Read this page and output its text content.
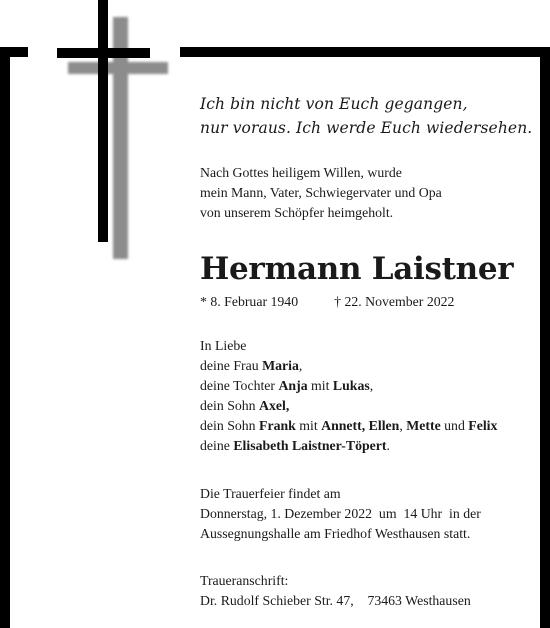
Ich bin nicht von Euch gegangen,
nur voraus. Ich werde Euch wiedersehen.

Nach Gottes heiligem Willen, wurde
mein Mann, Vater, Schwiegervater und Opa
von unserem Schöpfer heimgeholt.

Hermann Laistner

* 8. Februar 1940	† 22. November 2022

In Liebe
deine Frau Maria,
deine Tochter Anja mit Lukas,
dein Sohn Axel,
dein Sohn Frank mit Annett, Ellen, Mette und Felix
deine Elisabeth Laistner-Töpert.

Die Trauerfeier findet am
Donnerstag, 1. Dezember 2022  um  14 Uhr  in der
Aussegnungshalle am Friedhof Westhausen statt.

Traueranschrift:
Dr. Rudolf Schieber Str. 47,    73463 Westhausen
